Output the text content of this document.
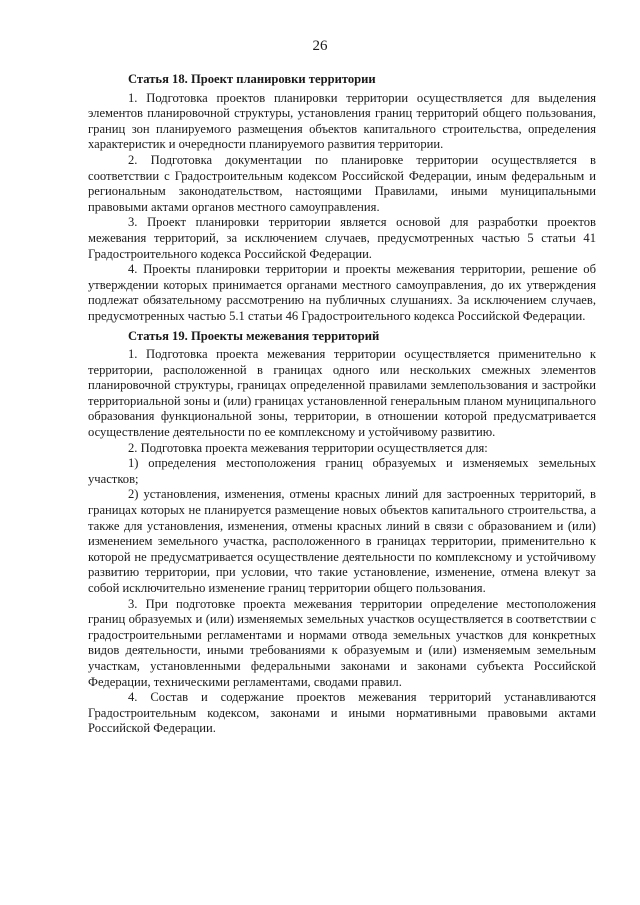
26

Статья 18. Проект планировки территории

1. Подготовка проектов планировки территории осуществляется для выделения элементов планировочной структуры, установления границ территорий общего пользования, границ зон планируемого размещения объектов капитального строительства, определения характеристик и очередности планируемого развития территории.

2. Подготовка документации по планировке территории осуществляется в соответствии с Градостроительным кодексом Российской Федерации, иным федеральным и региональным законодательством, настоящими Правилами, иными муниципальными правовыми актами органов местного самоуправления.

3. Проект планировки территории является основой для разработки проектов межевания территорий, за исключением случаев, предусмотренных частью 5 статьи 41 Градостроительного кодекса Российской Федерации.

4. Проекты планировки территории и проекты межевания территории, решение об утверждении которых принимается органами местного самоуправления, до их утверждения подлежат обязательному рассмотрению на публичных слушаниях. За исключением случаев, предусмотренных частью 5.1 статьи 46 Градостроительного кодекса Российской Федерации.

Статья 19. Проекты межевания территорий

1. Подготовка проекта межевания территории осуществляется применительно к территории, расположенной в границах одного или нескольких смежных элементов планировочной структуры, границах определенной правилами землепользования и застройки территориальной зоны и (или) границах установленной генеральным планом муниципального образования функциональной зоны, территории, в отношении которой предусматривается осуществление деятельности по ее комплексному и устойчивому развитию.

2. Подготовка проекта межевания территории осуществляется для:

1) определения местоположения границ образуемых и изменяемых земельных участков;

2) установления, изменения, отмены красных линий для застроенных территорий, в границах которых не планируется размещение новых объектов капитального строительства, а также для установления, изменения, отмены красных линий в связи с образованием и (или) изменением земельного участка, расположенного в границах территории, применительно к которой не предусматривается осуществление деятельности по комплексному и устойчивому развитию территории, при условии, что такие установление, изменение, отмена влекут за собой исключительно изменение границ территории общего пользования.

3. При подготовке проекта межевания территории определение местоположения границ образуемых и (или) изменяемых земельных участков осуществляется в соответствии с градостроительными регламентами и нормами отвода земельных участков для конкретных видов деятельности, иными требованиями к образуемым и (или) изменяемым земельным участкам, установленными федеральными законами и законами субъекта Российской Федерации, техническими регламентами, сводами правил.

4. Состав и содержание проектов межевания территорий устанавливаются Градостроительным кодексом, законами и иными нормативными правовыми актами Российской Федерации.
